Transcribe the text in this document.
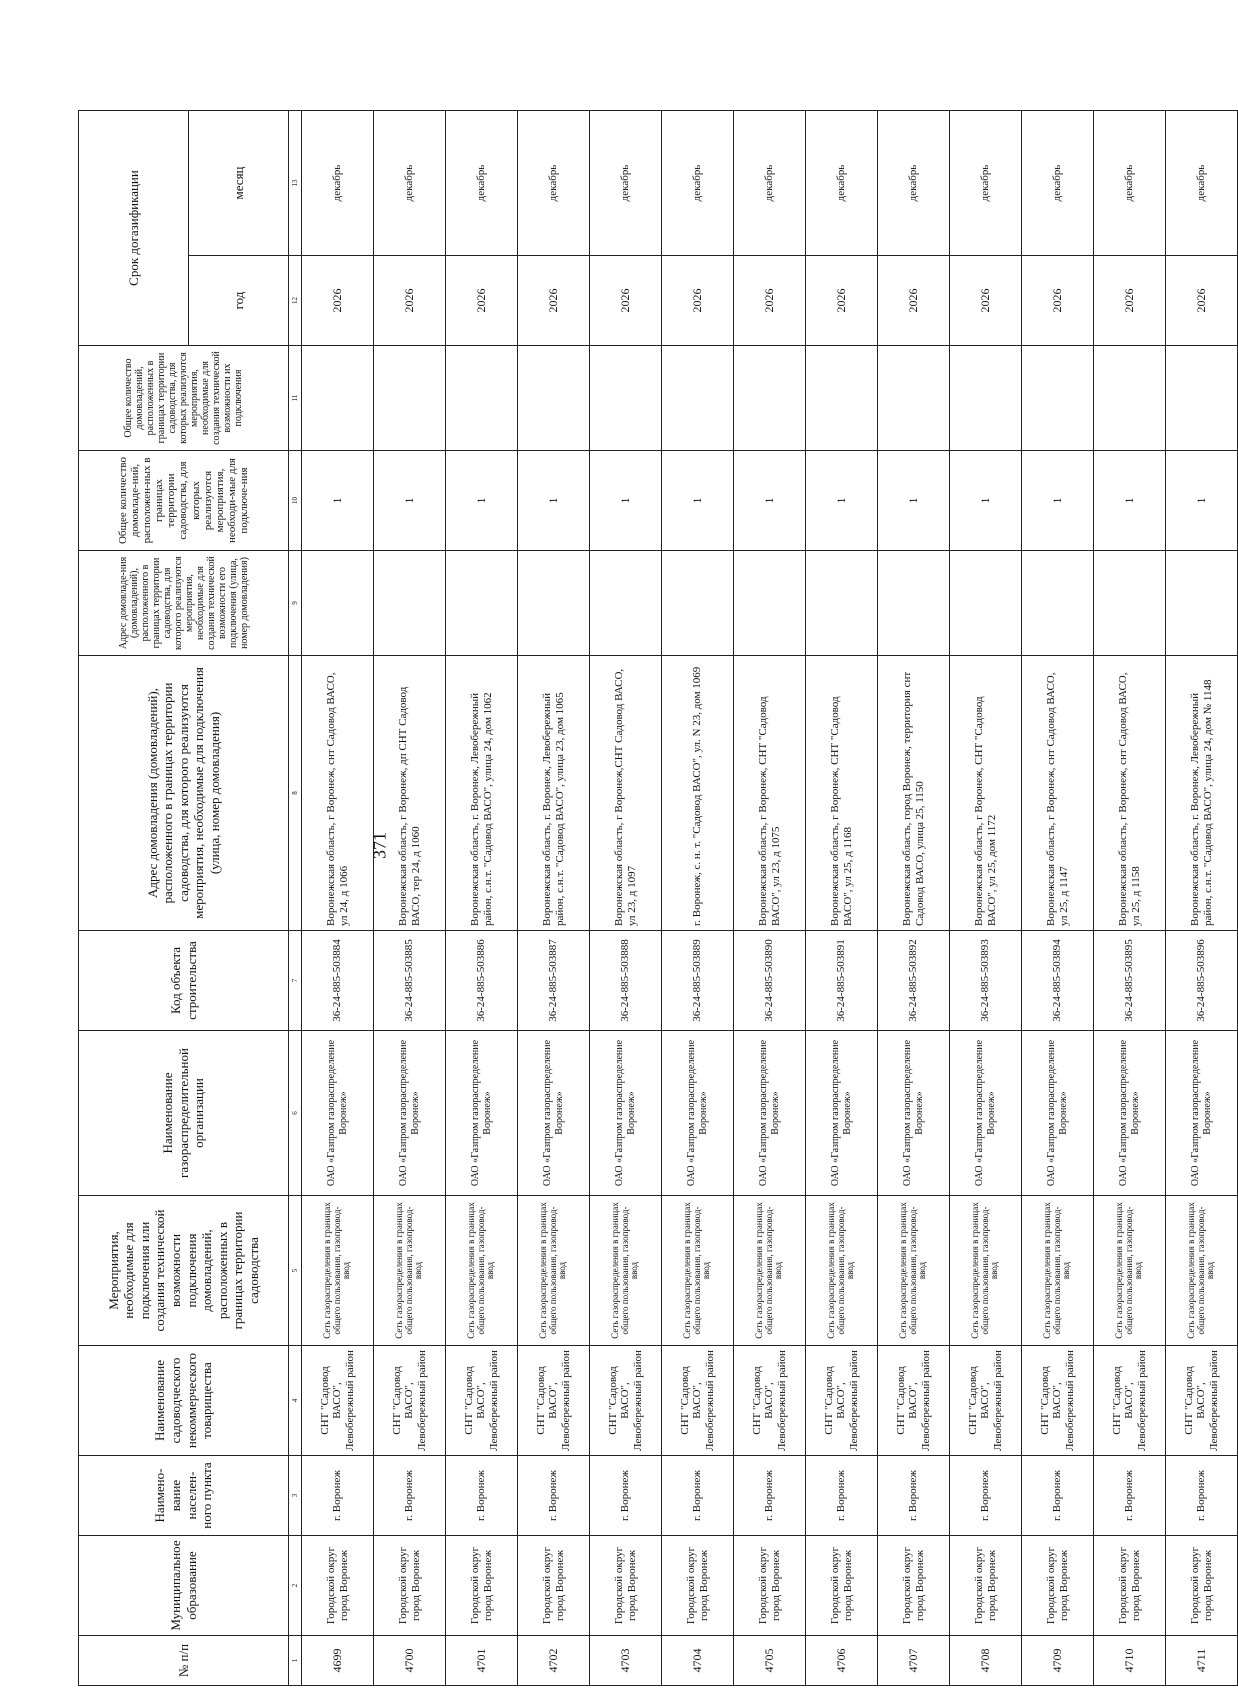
371
№ п/п	Муниципальное образование	Наимено-вание населен-ного пункта	Наименование садоводческого некоммерческого товарищества	Мероприятия, необходимые для подключения или создания технической возможности подключения домовладений, расположенных в границах территории садоводства	Наименование газораспределительной организации	Код объекта строительства	Адрес домовладения (домовладений), расположенного в границах территории садоводства, для которого реализуются мероприятия, необходимые для подключения (улица, номер домовладения)	Адрес домовладе-ния (домовладений), расположенного в границах территории садоводства, для которого реализуются мероприятия, необходимые для создания технической возможности его подключения (улица, номер домовладения)	Общее количество домовладе-ний, расположен-ных в границах территории садоводства, для которых реализуются мероприятия, необходи-мые для подключе-ния	Общее количество домовладений, расположенных в границах территории садоводства, для которых реализуются мероприятия, необходимые для создания технической возможности их подключения	Срок догазификации	
											год	месяц
1	2	3	4	5	6	7	8	9	10	11	12	13
4699	Городской округ город Воронеж	г. Воронеж	СНТ "Садовод ВАСО", Левобережный район	Сеть газораспределения в границах общего пользования, газопровод-ввод	ОАО «Газпром газораспределение Воронеж»	36-24-885-503884	Воронежская область, г Воронеж, снт Садовод ВАСО, ул 24, д 1066		1		2026	декабрь
4700	Городской округ город Воронеж	г. Воронеж	СНТ "Садовод ВАСО", Левобережный район	Сеть газораспределения в границах общего пользования, газопровод-ввод	ОАО «Газпром газораспределение Воронеж»	36-24-885-503885	Воронежская область, г Воронеж, дп СНТ Садовод ВАСО, тер 24, д 1060		1		2026	декабрь
4701	Городской округ город Воронеж	г. Воронеж	СНТ "Садовод ВАСО", Левобережный район	Сеть газораспределения в границах общего пользования, газопровод-ввод	ОАО «Газпром газораспределение Воронеж»	36-24-885-503886	Воронежская область, г. Воронеж, Левобережный район, с.н.т. "Садовод ВАСО", улица 24, дом 1062		1		2026	декабрь
4702	Городской округ город Воронеж	г. Воронеж	СНТ "Садовод ВАСО", Левобережный район	Сеть газораспределения в границах общего пользования, газопровод-ввод	ОАО «Газпром газораспределение Воронеж»	36-24-885-503887	Воронежская область, г. Воронеж, Левобережный район, с.н.т. "Садовод ВАСО", улица 23, дом 1065		1		2026	декабрь
4703	Городской округ город Воронеж	г. Воронеж	СНТ "Садовод ВАСО", Левобережный район	Сеть газораспределения в границах общего пользования, газопровод-ввод	ОАО «Газпром газораспределение Воронеж»	36-24-885-503888	Воронежская область, г Воронеж,СНТ Садовод ВАСО, ул 23, д 1097		1		2026	декабрь
4704	Городской округ город Воронеж	г. Воронеж	СНТ "Садовод ВАСО", Левобережный район	Сеть газораспределения в границах общего пользования, газопровод-ввод	ОАО «Газпром газораспределение Воронеж»	36-24-885-503889	г. Воронеж, с. н. т. "Садовод ВАСО", ул. N 23, дом 1069		1		2026	декабрь
4705	Городской округ город Воронеж	г. Воронеж	СНТ "Садовод ВАСО", Левобережный район	Сеть газораспределения в границах общего пользования, газопровод-ввод	ОАО «Газпром газораспределение Воронеж»	36-24-885-503890	Воронежская область, г Воронеж, СНТ "Садовод ВАСО", ул 23, д 1075		1		2026	декабрь
4706	Городской округ город Воронеж	г. Воронеж	СНТ "Садовод ВАСО", Левобережный район	Сеть газораспределения в границах общего пользования, газопровод-ввод	ОАО «Газпром газораспределение Воронеж»	36-24-885-503891	Воронежская область, г Воронеж, СНТ "Садовод ВАСО", ул 25, д 1168		1		2026	декабрь
4707	Городской округ город Воронеж	г. Воронеж	СНТ "Садовод ВАСО", Левобережный район	Сеть газораспределения в границах общего пользования, газопровод-ввод	ОАО «Газпром газораспределение Воронеж»	36-24-885-503892	Воронежская область, город Воронеж, территория снт Садовод ВАСО, улица 25, 1150		1		2026	декабрь
4708	Городской округ город Воронеж	г. Воронеж	СНТ "Садовод ВАСО", Левобережный район	Сеть газораспределения в границах общего пользования, газопровод-ввод	ОАО «Газпром газораспределение Воронеж»	36-24-885-503893	Воронежская область, г Воронеж, СНТ "Садовод ВАСО", ул 25, дом 1172		1		2026	декабрь
4709	Городской округ город Воронеж	г. Воронеж	СНТ "Садовод ВАСО", Левобережный район	Сеть газораспределения в границах общего пользования, газопровод-ввод	ОАО «Газпром газораспределение Воронеж»	36-24-885-503894	Воронежская область, г Воронеж, снт Садовод ВАСО, ул 25, д 1147		1		2026	декабрь
4710	Городской округ город Воронеж	г. Воронеж	СНТ "Садовод ВАСО", Левобережный район	Сеть газораспределения в границах общего пользования, газопровод-ввод	ОАО «Газпром газораспределение Воронеж»	36-24-885-503895	Воронежская область, г Воронеж, снт Садовод ВАСО, ул 25, д 1158		1		2026	декабрь
4711	Городской округ город Воронеж	г. Воронеж	СНТ "Садовод ВАСО", Левобережный район	Сеть газораспределения в границах общего пользования, газопровод-ввод	ОАО «Газпром газораспределение Воронеж»	36-24-885-503896	Воронежская область, г. Воронеж, Левобережный район, с.н.т. "Садовод ВАСО", улица 24, дом № 1148		1		2026	декабрь
